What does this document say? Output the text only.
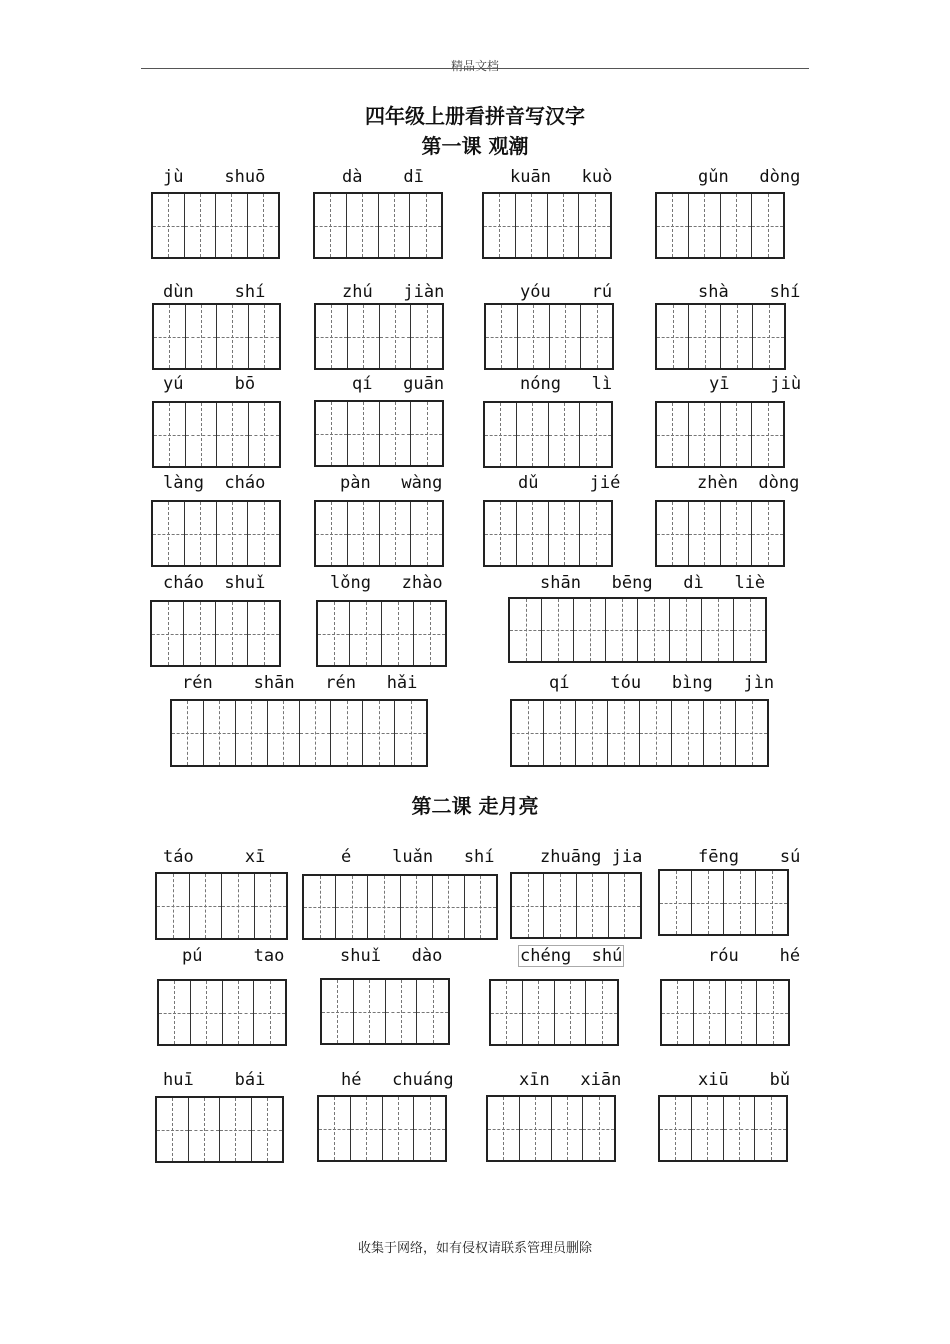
精品文档
四年级上册看拼音写汉字
第一课 观潮
jù    shuō	dà    dī	kuān   kuò	gǔn   dòng
dùn    shí	zhú   jiàn	yóu    rú	shà    shí
yú     bō	qí   guān	nóng   lì	yī    jiù
làng  cháo	pàn   wàng	dǔ     jié	zhèn  dòng
cháo  shuǐ	lǒng   zhào	shān   bēng   dì   liè
rén    shān   rén   hǎi	qí    tóu   bìng   jìn
第二课 走月亮
táo     xī	é    luǎn   shí	zhuāng jia	fēng    sú
pú     tao	shuǐ   dào	chéng  shú	róu    hé
huī    bái	hé   chuáng	xīn   xiān	xiū    bǔ
收集于网络，如有侵权请联系管理员删除
